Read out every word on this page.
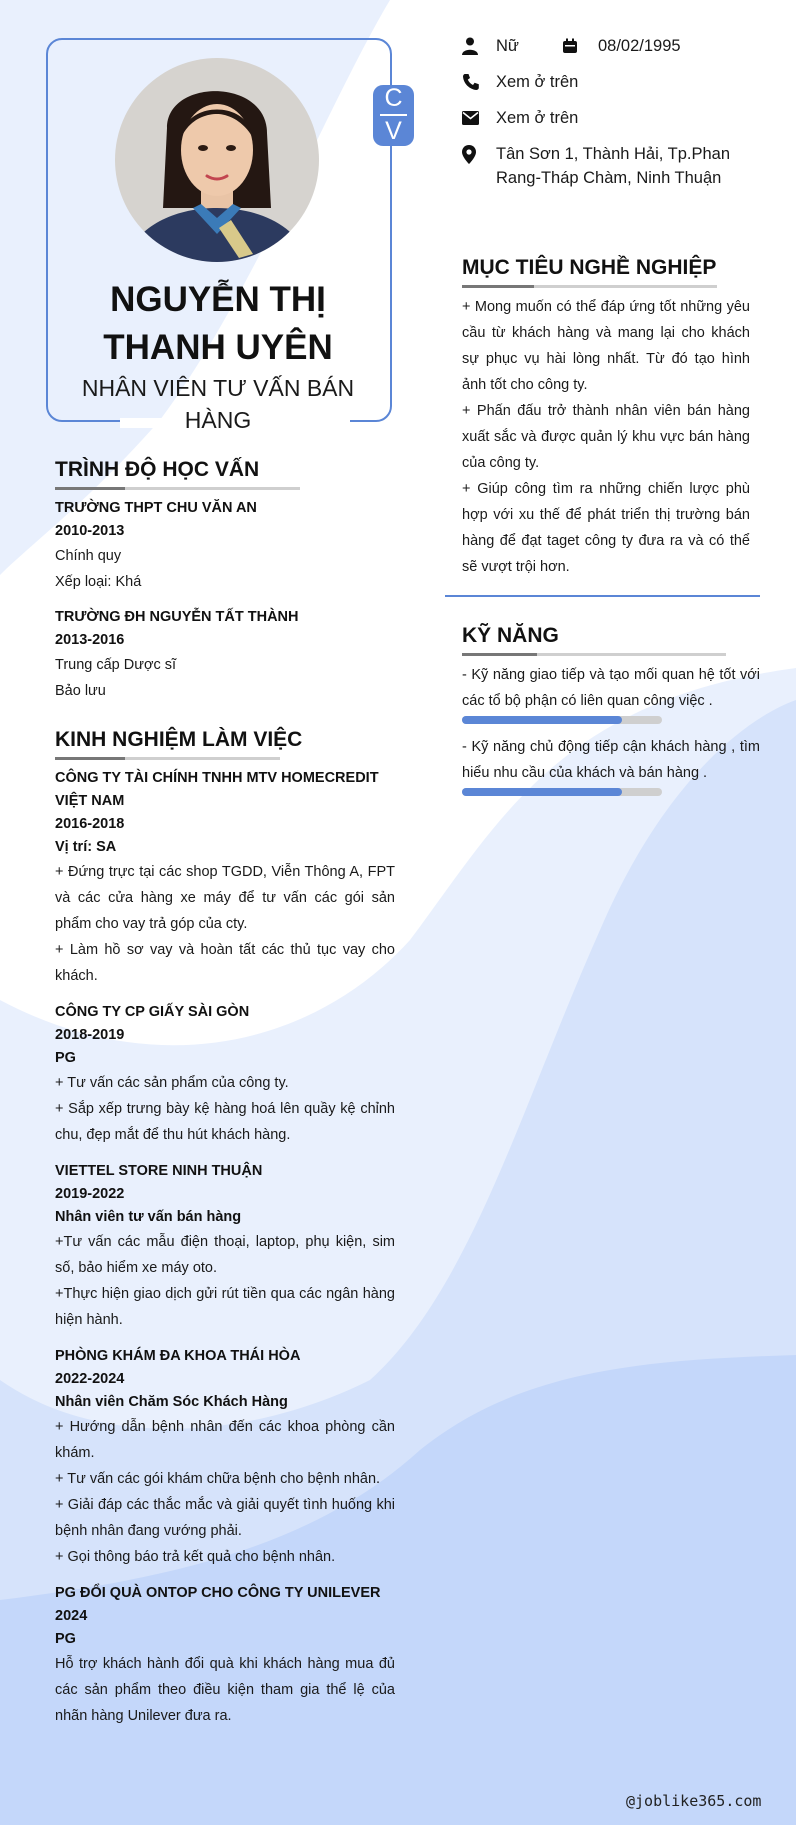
C
V
NGUYỄN THỊ THANH UYÊN
NHÂN VIÊN TƯ VẤN BÁN HÀNG
Nữ	08/02/1995
Xem ở trên
Xem ở trên
Tân Sơn 1, Thành Hải, Tp.Phan Rang-Tháp Chàm, Ninh Thuận
TRÌNH ĐỘ HỌC VẤN
TRƯỜNG THPT CHU VĂN AN
2010-2013
Chính quy
Xếp loại: Khá
TRƯỜNG ĐH NGUYỄN TẤT THÀNH
2013-2016
Trung cấp Dược sĩ
Bảo lưu
KINH NGHIỆM LÀM VIỆC
CÔNG TY TÀI CHÍNH TNHH MTV HOMECREDIT VIỆT NAM
2016-2018
Vị trí: SA
+ Đứng trực tại các shop TGDD, Viễn Thông A, FPT và các cửa hàng xe máy để tư vấn các gói sản phẩm cho vay trả góp của cty.
+ Làm hồ sơ vay và hoàn tất các thủ tục vay cho khách.
CÔNG TY CP GIẤY SÀI GÒN
2018-2019
PG
+ Tư vấn các sản phẩm của công ty.
+ Sắp xếp trưng bày kệ hàng hoá lên quầy kệ chỉnh chu, đẹp mắt để thu hút khách hàng.
VIETTEL STORE NINH THUẬN
2019-2022
Nhân viên tư vấn bán hàng
+Tư vấn các mẫu điện thoại, laptop, phụ kiện, sim số, bảo hiểm xe máy oto.
+Thực hiện giao dịch gửi rút tiền qua các ngân hàng hiện hành.
PHÒNG KHÁM ĐA KHOA THÁI HÒA
2022-2024
Nhân viên Chăm Sóc Khách Hàng
+ Hướng dẫn bệnh nhân đến các khoa phòng cần khám.
+ Tư vấn các gói khám chữa bệnh cho bệnh nhân.
+ Giải đáp các thắc mắc và giải quyết tình huống khi bệnh nhân đang vướng phải.
+ Gọi thông báo trả kết quả cho bệnh nhân.
PG ĐỔI QUÀ ONTOP CHO CÔNG TY UNILEVER
2024
PG
Hỗ trợ khách hành đổi quà khi khách hàng mua đủ các sản phẩm theo điều kiện tham gia thể lệ của nhãn hàng Unilever đưa ra.
MỤC TIÊU NGHỀ NGHIỆP
+ Mong muốn có thể đáp ứng tốt những yêu cầu từ khách hàng và mang lại cho khách sự phục vụ hài lòng nhất. Từ đó tạo hình ảnh tốt cho công ty.
+ Phấn đấu trở thành nhân viên bán hàng xuất sắc và được quản lý khu vực bán hàng của công ty.
+ Giúp công tìm ra những chiến lược phù hợp với xu thế để phát triển thị trường bán hàng để đạt taget công ty đưa ra và có thể sẽ vượt trội hơn.
KỸ NĂNG
- Kỹ năng giao tiếp và tạo mối quan hệ tốt với các tổ bộ phận có liên quan công việc .
- Kỹ năng chủ động tiếp cận khách hàng , tìm hiểu nhu cầu của khách và bán hàng .
@joblike365.com
